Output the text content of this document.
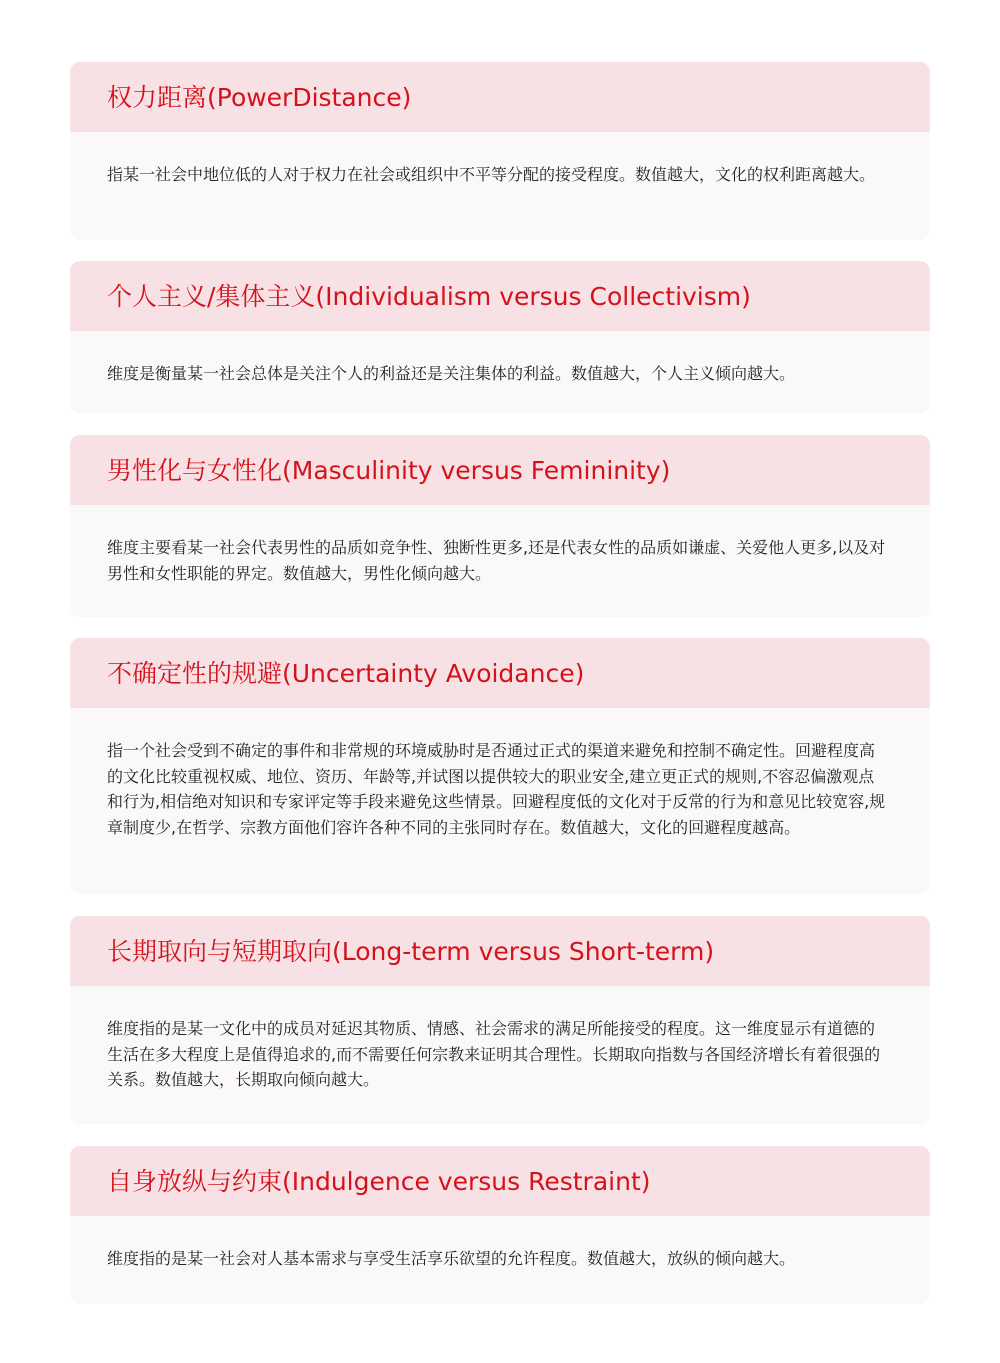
权力距离(PowerDistance)

指某一社会中地位低的人对于权力在社会或组织中不平等分配的接受程度。数值越大，文化的权利距离越大。

个人主义/集体主义(Individualism versus Collectivism)

维度是衡量某一社会总体是关注个人的利益还是关注集体的利益。数值越大，个人主义倾向越大。

男性化与女性化(Masculinity versus Femininity)

维度主要看某一社会代表男性的品质如竞争性、独断性更多,还是代表女性的品质如谦虚、关爱他人更多,以及对男性和女性职能的界定。数值越大，男性化倾向越大。

不确定性的规避(Uncertainty Avoidance)

指一个社会受到不确定的事件和非常规的环境威胁时是否通过正式的渠道来避免和控制不确定性。回避程度高的文化比较重视权威、地位、资历、年龄等,并试图以提供较大的职业安全,建立更正式的规则,不容忍偏激观点和行为,相信绝对知识和专家评定等手段来避免这些情景。回避程度低的文化对于反常的行为和意见比较宽容,规章制度少,在哲学、宗教方面他们容许各种不同的主张同时存在。数值越大，文化的回避程度越高。

长期取向与短期取向(Long-term versus Short-term)

维度指的是某一文化中的成员对延迟其物质、情感、社会需求的满足所能接受的程度。这一维度显示有道德的生活在多大程度上是值得追求的,而不需要任何宗教来证明其合理性。长期取向指数与各国经济增长有着很强的关系。数值越大，长期取向倾向越大。

自身放纵与约束(Indulgence versus Restraint)

维度指的是某一社会对人基本需求与享受生活享乐欲望的允许程度。数值越大，放纵的倾向越大。
